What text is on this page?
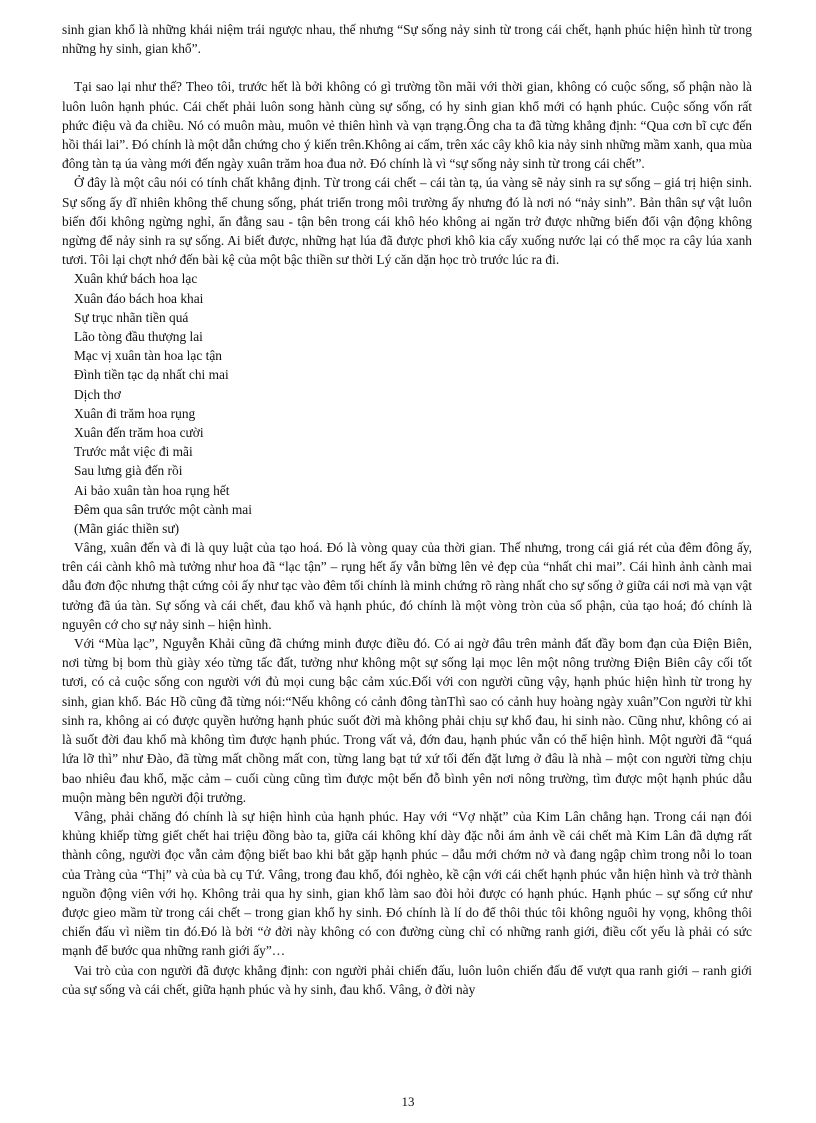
sinh gian khổ là những khái niệm trái ngược nhau, thế nhưng “Sự sống nảy sinh từ trong cái chết, hạnh phúc hiện hình từ trong những hy sinh, gian khổ”.

Tại sao lại như thế? Theo tôi, trước hết là bởi không có gì trường tồn mãi với thời gian, không có cuộc sống, số phận nào là luôn luôn hạnh phúc. Cái chết phải luôn song hành cùng sự sống, có hy sinh gian khổ mới có hạnh phúc. Cuộc sống vốn rất phức điệu và đa chiều. Nó có muôn màu, muôn vẻ thiên hình và vạn trạng.Ông cha ta đã từng khẳng định: “Qua cơn bĩ cực đến hồi thái lai”. Đó chính là một dẫn chứng cho ý kiến trên.Không ai cấm, trên xác cây khô kia nảy sinh những mầm xanh, qua mùa đông tàn tạ úa vàng mới đến ngày xuân trăm hoa đua nở. Đó chính là vì “sự sống nảy sinh từ trong cái chết”.

Ở đây là một câu nói có tính chất khẳng định. Từ trong cái chết – cái tàn tạ, úa vàng sẽ nảy sinh ra sự sống – giá trị hiện sinh. Sự sống ấy dĩ nhiên không thể chung sống, phát triển trong môi trường ấy nhưng đó là nơi nó “nảy sinh”. Bản thân sự vật luôn biến đổi không ngừng nghỉ, ẩn đằng sau - tận bên trong cái khô héo không ai ngăn trở được những biến đổi vận động không ngừng để nảy sinh ra sự sống. Ai biết được, những hạt lúa đã được phơi khô kia cấy xuống nước lại có thể mọc ra cây lúa xanh tươi. Tôi lại chợt nhớ đến bài kệ của một bậc thiền sư thời Lý căn dặn học trò trước lúc ra đi.

Xuân khứ bách hoa lạc
Xuân đáo bách hoa khai
Sự trục nhãn tiền quá
Lão tòng đầu thượng lai
Mạc vị xuân tàn hoa lạc tận
Đình tiền tạc dạ nhất chi mai
Dịch thơ
Xuân đi trăm hoa rụng
Xuân đến trăm hoa cười
Trước mắt việc đi mãi
Sau lưng già đến rồi
Ai bảo xuân tàn hoa rụng hết
Đêm qua sân trước một cành mai
(Mãn giác thiền sư)

Vâng, xuân đến và đi là quy luật của tạo hoá. Đó là vòng quay của thời gian. Thế nhưng, trong cái giá rét của đêm đông ấy, trên cái cành khô mà tưởng như hoa đã “lạc tận” – rụng hết ấy vẫn bừng lên vẻ đẹp của “nhất chi mai”. Cái hình ảnh cành mai dẫu đơn độc nhưng thật cứng cỏi ấy như tạc vào đêm tối chính là minh chứng rõ ràng nhất cho sự sống ở giữa cái nơi mà vạn vật tưởng đã úa tàn. Sự sống và cái chết, đau khổ và hạnh phúc, đó chính là một vòng tròn của số phận, của tạo hoá; đó chính là nguyên cớ cho sự nảy sinh – hiện hình.

Với “Mùa lạc”, Nguyễn Khải cũng đã chứng minh được điều đó. Có ai ngờ đâu trên mảnh đất đầy bom đạn của Điện Biên, nơi từng bị bom thù giày xéo từng tấc đất, tưởng như không một sự sống lại mọc lên một nông trường Điện Biên cây cối tốt tươi, có cả cuộc sống con người với đủ mọi cung bậc cảm xúc.Đối với con người cũng vậy, hạnh phúc hiện hình từ trong hy sinh, gian khổ. Bác Hồ cũng đã từng nói:“Nếu không có cảnh đông tànThì sao có cảnh huy hoàng ngày xuân”Con người từ khi sinh ra, không ai có được quyền hưởng hạnh phúc suốt đời mà không phải chịu sự khổ đau, hi sinh nào. Cũng như, không có ai là suốt đời đau khổ mà không tìm được hạnh phúc. Trong vất vả, đớn đau, hạnh phúc vẫn có thể hiện hình. Một người đã “quá lứa lỡ thì” như Đào, đã từng mất chồng mất con, từng lang bạt tứ xứ tối đến đặt lưng ở đâu là nhà – một con người từng chịu bao nhiêu đau khổ, mặc cảm – cuối cùng cũng tìm được một bến đỗ bình yên nơi nông trường, tìm được một hạnh phúc dẫu muộn màng bên người đội trưởng.

Vâng, phải chăng đó chính là sự hiện hình của hạnh phúc. Hay với “Vợ nhặt” của Kim Lân chẳng hạn. Trong cái nạn đói khủng khiếp từng giết chết hai triệu đồng bào ta, giữa cái không khí dày đặc nỗi ám ảnh về cái chết mà Kim Lân đã dựng rất thành công, người đọc vẫn cảm động biết bao khi bắt gặp hạnh phúc – dẫu mới chớm nở và đang ngập chìm trong nỗi lo toan của Tràng của “Thị” và của bà cụ Tứ. Vâng, trong đau khổ, đói nghèo, kề cận với cái chết hạnh phúc vẫn hiện hình và trở thành nguồn động viên với họ. Không trải qua hy sinh, gian khổ làm sao đòi hỏi được có hạnh phúc. Hạnh phúc – sự sống cứ như được gieo mầm từ trong cái chết – trong gian khổ hy sinh. Đó chính là lí do để thôi thúc tôi không nguôi hy vọng, không thôi chiến đấu vì niềm tin đó.Đó là bởi “ở đời này không có con đường cùng chỉ có những ranh giới, điều cốt yếu là phải có sức mạnh để bước qua những ranh giới ấy”…

Vai trò của con người đã được khẳng định: con người phải chiến đấu, luôn luôn chiến đấu để vượt qua ranh giới – ranh giới của sự sống và cái chết, giữa hạnh phúc và hy sinh, đau khổ. Vâng, ở đời này

13
